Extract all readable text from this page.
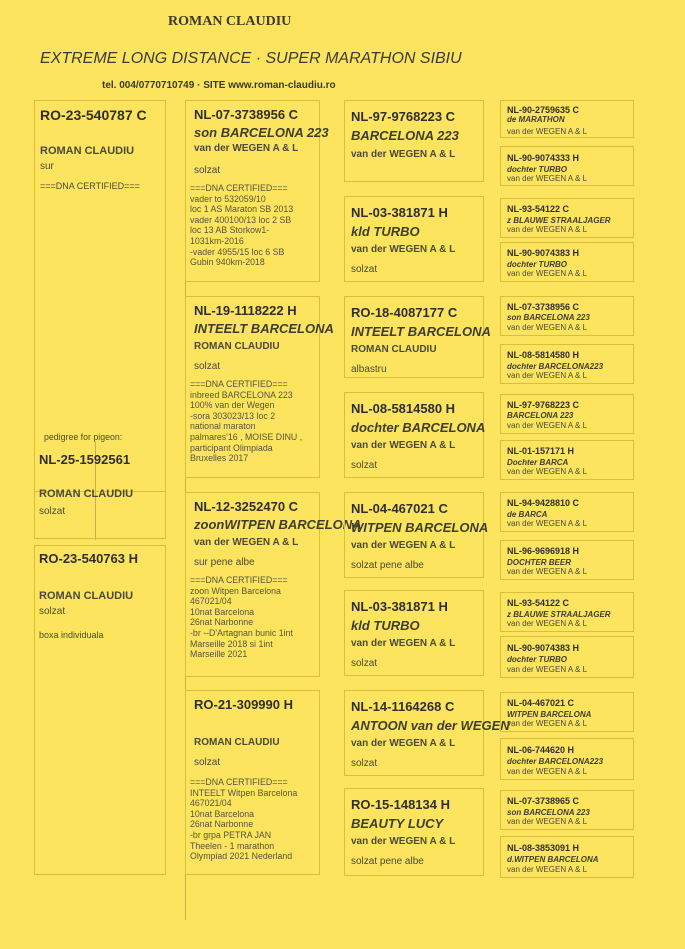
ROMAN CLAUDIU
EXTREME LONG DISTANCE · SUPER MARATHON SIBIU
tel. 004/0770710749 · SITE www.roman-claudiu.ro
RO-23-540787 C
ROMAN CLAUDIU
sur
===DNA CERTIFIED===
pedigree for pigeon:
NL-25-1592561
ROMAN CLAUDIU
solzat
RO-23-540763 H
ROMAN CLAUDIU
solzat
boxa individuala
NL-07-3738956 C
son BARCELONA 223
van der WEGEN A & L
solzat
===DNA CERTIFIED===
vader to 532059/10
loc 1 AS Maraton SB 2013
vader 400100/13 loc 2 SB
loc 13 AB Storkow1-
1031km-2016
-vader 4955/15 loc 6 SB
Gubin 940km-2018
NL-19-1118222 H
INTEELT BARCELONA
ROMAN CLAUDIU
solzat
===DNA CERTIFIED===
inbreed BARCELONA 223
100% van der Wegen
-sora 303023/13 loc 2
national maraton
palmares'16 , MOISE DINU ,
participant Olimpiada
Bruxelles 2017
NL-12-3252470 C
zoonWITPEN BARCELONA
van der WEGEN A & L
sur pene albe
===DNA CERTIFIED===
zoon Witpen Barcelona
467021/04
10nat Barcelona
26nat Narbonne
-br --D'Artagnan bunic 1int
Marseille 2018 si 1int
Marseille 2021
RO-21-309990 H
ROMAN CLAUDIU
solzat
===DNA CERTIFIED===
INTEELT Witpen Barcelona
467021/04
10nat Barcelona
26nat Narbonne
-br grpa PETRA JAN
Theelen - 1 marathon
Olympiad 2021 Nederland
NL-97-9768223 C
BARCELONA 223
van der WEGEN A & L
NL-03-381871 H
kld TURBO
van der WEGEN A & L
solzat
RO-18-4087177 C
INTEELT BARCELONA
ROMAN CLAUDIU
albastru
NL-08-5814580 H
dochter BARCELONA
van der WEGEN A & L
solzat
NL-04-467021 C
WITPEN BARCELONA
van der WEGEN A & L
solzat pene albe
NL-03-381871 H
kld TURBO
van der WEGEN A & L
solzat
NL-14-1164268 C
ANTOON van der WEGEN
van der WEGEN A & L
solzat
RO-15-148134 H
BEAUTY LUCY
van der WEGEN A & L
solzat pene albe
NL-90-2759635 C
de MARATHON
van der WEGEN A & L
NL-90-9074333 H
dochter TURBO
van der WEGEN A & L
NL-93-54122 C
z BLAUWE STRAALJAGER
van der WEGEN A & L
NL-90-9074383 H
dochter TURBO
van der WEGEN A & L
NL-07-3738956 C
son BARCELONA 223
van der WEGEN A & L
NL-08-5814580 H
dochter BARCELONA223
van der WEGEN A & L
NL-97-9768223 C
BARCELONA 223
van der WEGEN A & L
NL-01-157171 H
Dochter BARCA
van der WEGEN A & L
NL-94-9428810 C
de BARCA
van der WEGEN A & L
NL-96-9696918 H
DOCHTER BEER
van der WEGEN A & L
NL-93-54122 C
z BLAUWE STRAALJAGER
van der WEGEN A & L
NL-90-9074383 H
dochter TURBO
van der WEGEN A & L
NL-04-467021 C
WITPEN BARCELONA
van der WEGEN A & L
NL-06-744620 H
dochter BARCELONA223
van der WEGEN A & L
NL-07-3738965 C
son BARCELONA 223
van der WEGEN A & L
NL-08-3853091 H
d.WITPEN BARCELONA
van der WEGEN A & L
